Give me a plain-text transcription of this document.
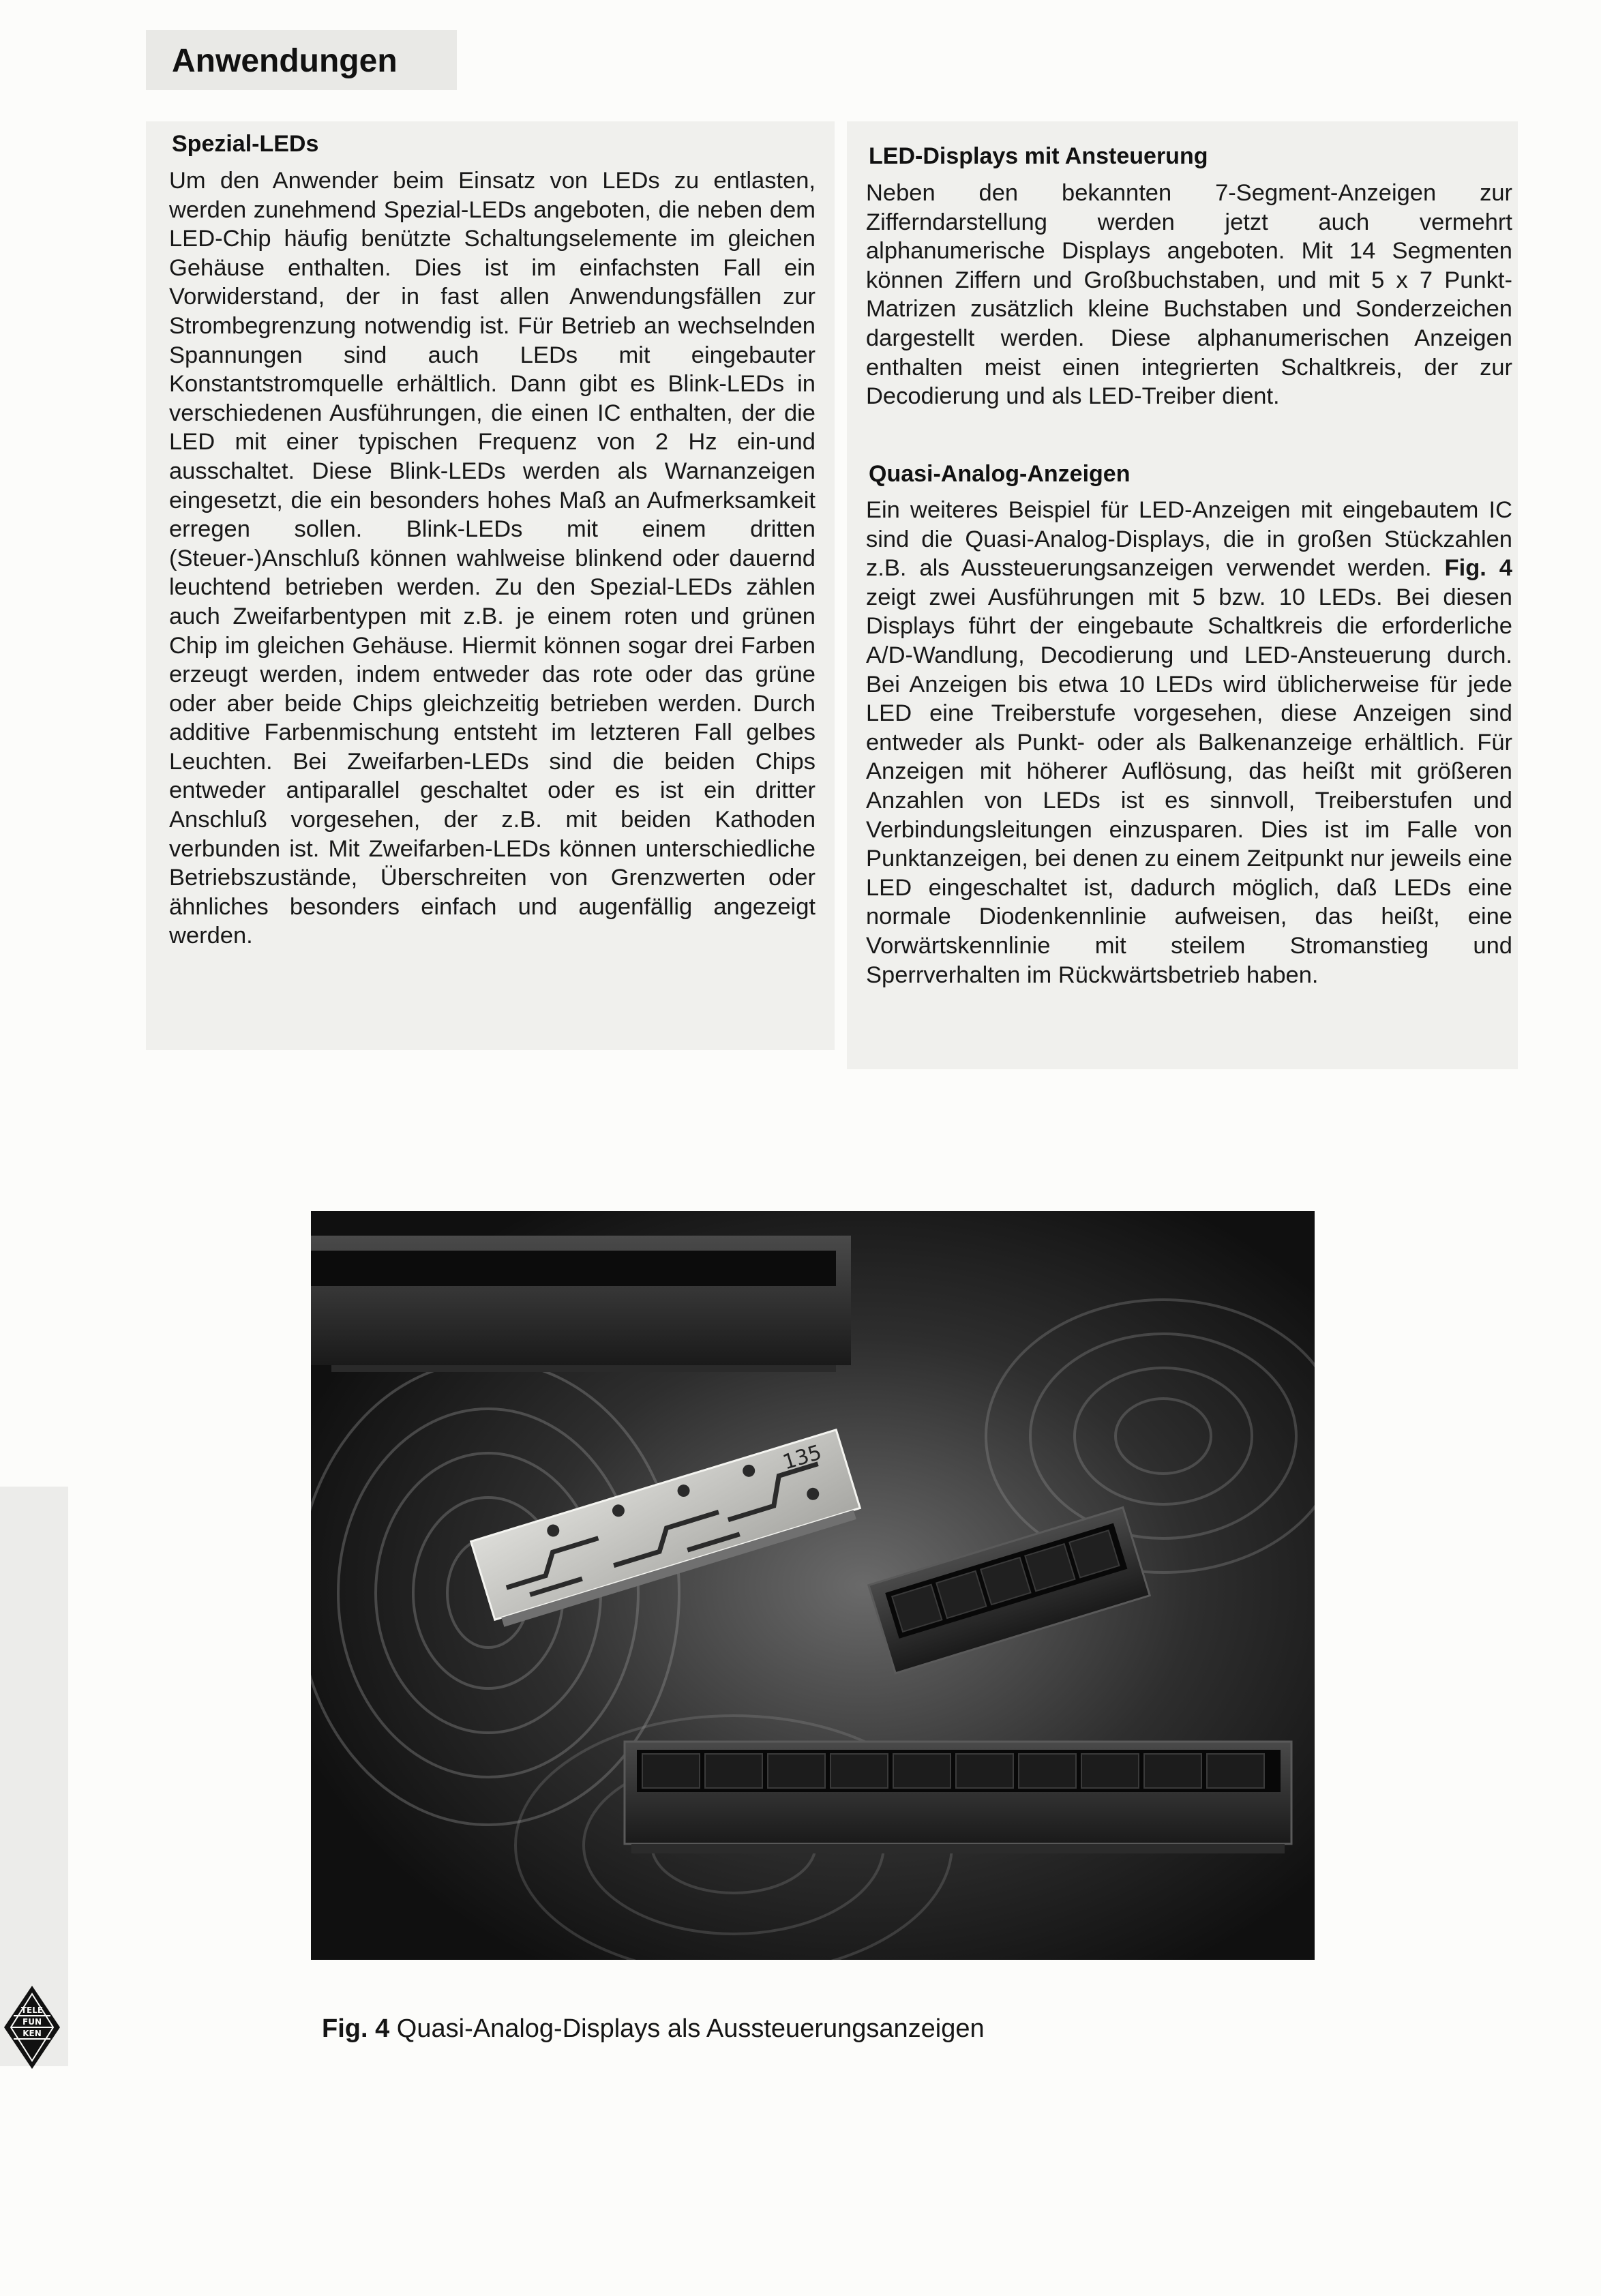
Anwendungen
Spezial-LEDs

Um den Anwender beim Einsatz von LEDs zu entlasten, werden zunehmend Spezial-LEDs angeboten, die neben dem LED-Chip häufig benützte Schaltungselemente im gleichen Gehäuse enthalten. Dies ist im einfachsten Fall ein Vorwiderstand, der in fast allen Anwendungsfällen zur Strombegrenzung notwendig ist. Für Betrieb an wechselnden Spannungen sind auch LEDs mit eingebauter Konstantstromquelle erhältlich. Dann gibt es Blink-LEDs in verschiedenen Ausführungen, die einen IC enthalten, der die LED mit einer typischen Frequenz von 2 Hz ein-und ausschaltet. Diese Blink-LEDs werden als Warnanzeigen eingesetzt, die ein besonders hohes Maß an Aufmerksamkeit erregen sollen. Blink-LEDs mit einem dritten (Steuer-)Anschluß können wahlweise blinkend oder dauernd leuchtend betrieben werden. Zu den Spezial-LEDs zählen auch Zweifarbentypen mit z.B. je einem roten und grünen Chip im gleichen Gehäuse. Hiermit können sogar drei Farben erzeugt werden, indem entweder das rote oder das grüne oder aber beide Chips gleichzeitig betrieben werden. Durch additive Farbenmischung entsteht im letzteren Fall gelbes Leuchten. Bei Zweifarben-LEDs sind die beiden Chips entweder antiparallel geschaltet oder es ist ein dritter Anschluß vorgesehen, der z.B. mit beiden Kathoden verbunden ist. Mit Zweifarben-LEDs können unterschiedliche Betriebszustände, Überschreiten von Grenzwerten oder ähnliches besonders einfach und augenfällig angezeigt werden.

LED-Displays mit Ansteuerung

Neben den bekannten 7-Segment-Anzeigen zur Zifferndarstellung werden jetzt auch vermehrt alphanumerische Displays angeboten. Mit 14 Segmenten können Ziffern und Großbuchstaben, und mit 5 x 7 Punkt-Matrizen zusätzlich kleine Buchstaben und Sonderzeichen dargestellt werden. Diese alphanumerischen Anzeigen enthalten meist einen integrierten Schaltkreis, der zur Decodierung und als LED-Treiber dient.

Quasi-Analog-Anzeigen

Ein weiteres Beispiel für LED-Anzeigen mit eingebautem IC sind die Quasi-Analog-Displays, die in großen Stückzahlen z.B. als Aussteuerungsanzeigen verwendet werden. Fig. 4 zeigt zwei Ausführungen mit 5 bzw. 10 LEDs. Bei diesen Displays führt der eingebaute Schaltkreis die erforderliche A/D-Wandlung, Decodierung und LED-Ansteuerung durch. Bei Anzeigen bis etwa 10 LEDs wird üblicherweise für jede LED eine Treiberstufe vorgesehen, diese Anzeigen sind entweder als Punkt- oder als Balkenanzeige erhältlich. Für Anzeigen mit höherer Auflösung, das heißt mit größeren Anzahlen von LEDs ist es sinnvoll, Treiberstufen und Verbindungsleitungen einzusparen. Dies ist im Falle von Punktanzeigen, bei denen zu einem Zeitpunkt nur jeweils eine LED eingeschaltet ist, dadurch möglich, daß LEDs eine normale Diodenkennlinie aufweisen, das heißt, eine Vorwärtskennlinie mit steilem Stromanstieg und Sperrverhalten im Rückwärtsbetrieb haben.

135
Fig. 4 Quasi-Analog-Displays als Aussteuerungsanzeigen
TELE
FUN
KEN
